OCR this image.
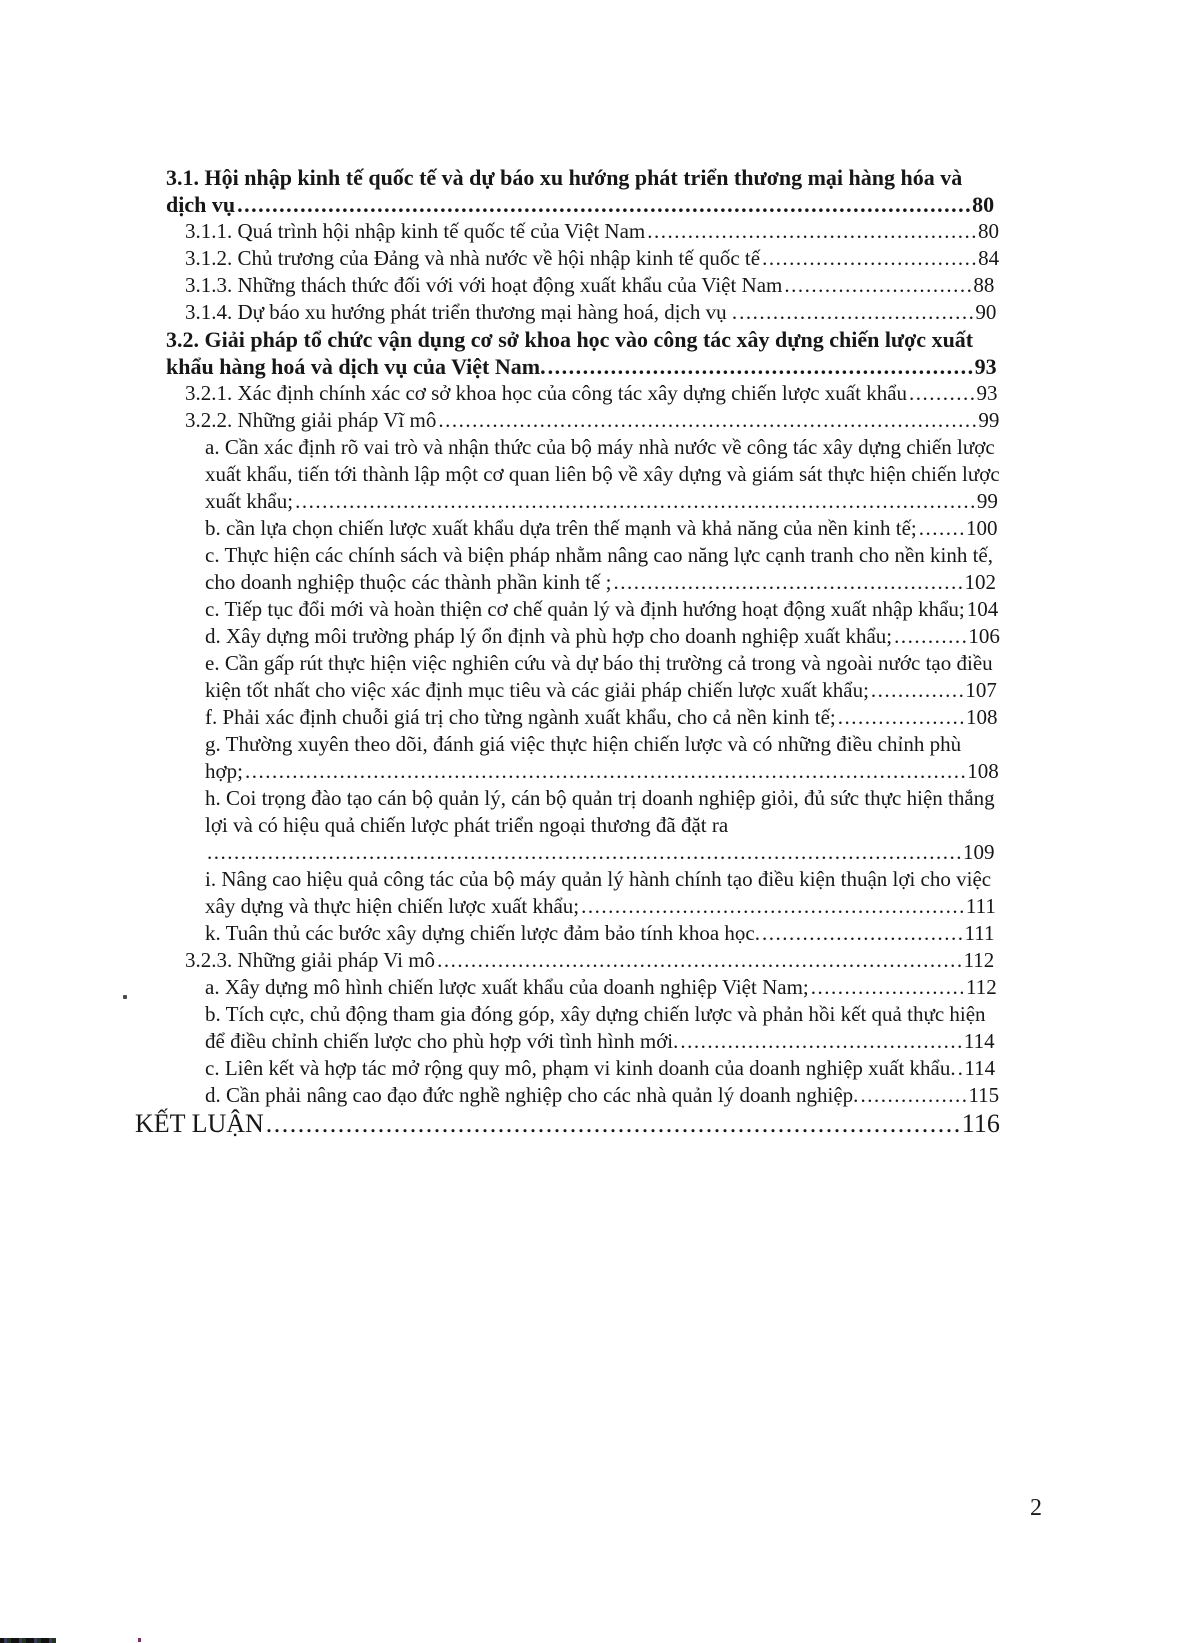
3.1. Hội nhập kinh tế quốc tế và dự báo xu hướng phát triển thương mại hàng hóa và dịch vụ.........................................................................................................80
3.1.1. Quá trình hội nhập kinh tế quốc tế của Việt Nam.................................................80
3.1.2. Chủ trương của Đảng và nhà nước về hội nhập kinh tế quốc tế................................84
3.1.3. Những thách thức đối với với hoạt động xuất khẩu của Việt Nam............................88
3.1.4. Dự báo xu hướng phát triển thương mại hàng hoá, dịch vụ ....................................90
3.2. Giải pháp tổ chức vận dụng cơ sở khoa học vào công tác xây dựng chiến lược xuất khẩu hàng hoá và dịch vụ của Việt Nam..............................................................93
3.2.1. Xác định chính xác cơ sở khoa học của công tác xây dựng chiến lược xuất khẩu..........93
3.2.2. Những giải pháp Vĩ mô................................................................................99
a. Cần xác định rõ vai trò và nhận thức của bộ máy nhà nước về công tác xây dựng chiến lược xuất khẩu, tiến tới thành lập một cơ quan liên bộ về xây dựng và giám sát thực hiện chiến lược xuất khẩu;.....................................................................................................99
b. cần lựa chọn chiến lược xuất khẩu dựa trên thế mạnh và khả năng của nền kinh tế;.......100
c. Thực hiện các chính sách và biện pháp nhằm nâng cao năng lực cạnh tranh cho nền kinh tế, cho doanh nghiệp thuộc các thành phần kinh tế ;....................................................102
c. Tiếp tục đổi mới và hoàn thiện cơ chế quản lý và định hướng hoạt động xuất nhập khẩu;104
d. Xây dựng môi trường pháp lý ổn định và phù hợp cho doanh nghiệp xuất khẩu;...........106
e. Cần gấp rút thực hiện việc nghiên cứu và dự báo thị trường cả trong và ngoài nước tạo điều kiện tốt nhất cho việc xác định mục tiêu và các giải pháp chiến lược xuất khẩu;..............107
f. Phải xác định chuỗi giá trị cho từng ngành xuất khẩu, cho cả nền kinh tế;...................108
g. Thường xuyên theo dõi, đánh giá việc thực hiện chiến lược và có những điều chỉnh phù hợp;...........................................................................................................108
h. Coi trọng đào tạo cán bộ quản lý, cán bộ quản trị doanh nghiệp giỏi, đủ sức thực hiện thắng lợi và có hiệu quả chiến lược phát triển ngoại thương đã đặt ra
................................................................................................................109
i. Nâng cao hiệu quả công tác của bộ máy quản lý hành chính tạo điều kiện thuận lợi cho việc xây dựng và thực hiện chiến lược xuất khẩu;.........................................................111
k. Tuân thủ các bước xây dựng chiến lược đảm bảo tính khoa học...............................111
3.2.3. Những giải pháp Vi mô..............................................................................112
a. Xây dựng mô hình chiến lược xuất khẩu của doanh nghiệp Việt Nam;.......................112
b. Tích cực, chủ động tham gia đóng góp, xây dựng chiến lược và phản hồi kết quả thực hiện để điều chỉnh chiến lược cho phù hợp với tình hình mới...........................................114
c. Liên kết và hợp tác mở rộng quy mô, phạm vi kinh doanh của doanh nghiệp xuất khẩu..114
d. Cần phải nâng cao đạo đức nghề nghiệp cho các nhà quản lý doanh nghiệp.................115
KẾT LUẬN.......................................................................................116
2
